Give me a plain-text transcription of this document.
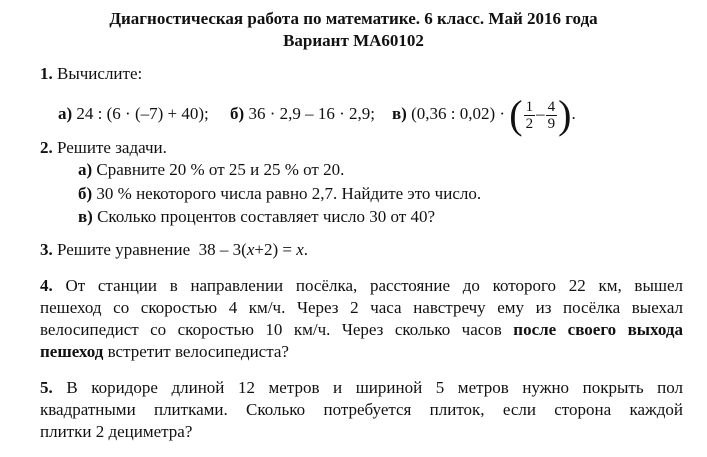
Диагностическая работа по математике. 6 класс. Май 2016 года
Вариант МА60102
1. Вычислите:
а) 24 : (6 · (–7) + 40); б) 36 · 2,9 – 16 · 2,9; в) (0,36 : 0,02) · ( $\frac{1}{2} - \frac{4}{9}$ ).
2. Решите задачи.
а) Сравните 20 % от 25 и 25 % от 20.
б) 30 % некоторого числа равно 2,7. Найдите это число.
в) Сколько процентов составляет число 30 от 40?
3. Решите уравнение 38 – 3(x+2) = x.
4. От станции в направлении посёлка, расстояние до которого 22 км, вышел
пешеход со скоростью 4 км/ч. Через 2 часа навстречу ему из посёлка выехал
велосипедист со скоростью 10 км/ч. Через сколько часов после своего выхода
пешеход встретит велосипедиста?
5. В коридоре длиной 12 метров и шириной 5 метров нужно покрыть пол
квадратными плитками. Сколько потребуется плиток, если сторона каждой
плитки 2 дециметра?
